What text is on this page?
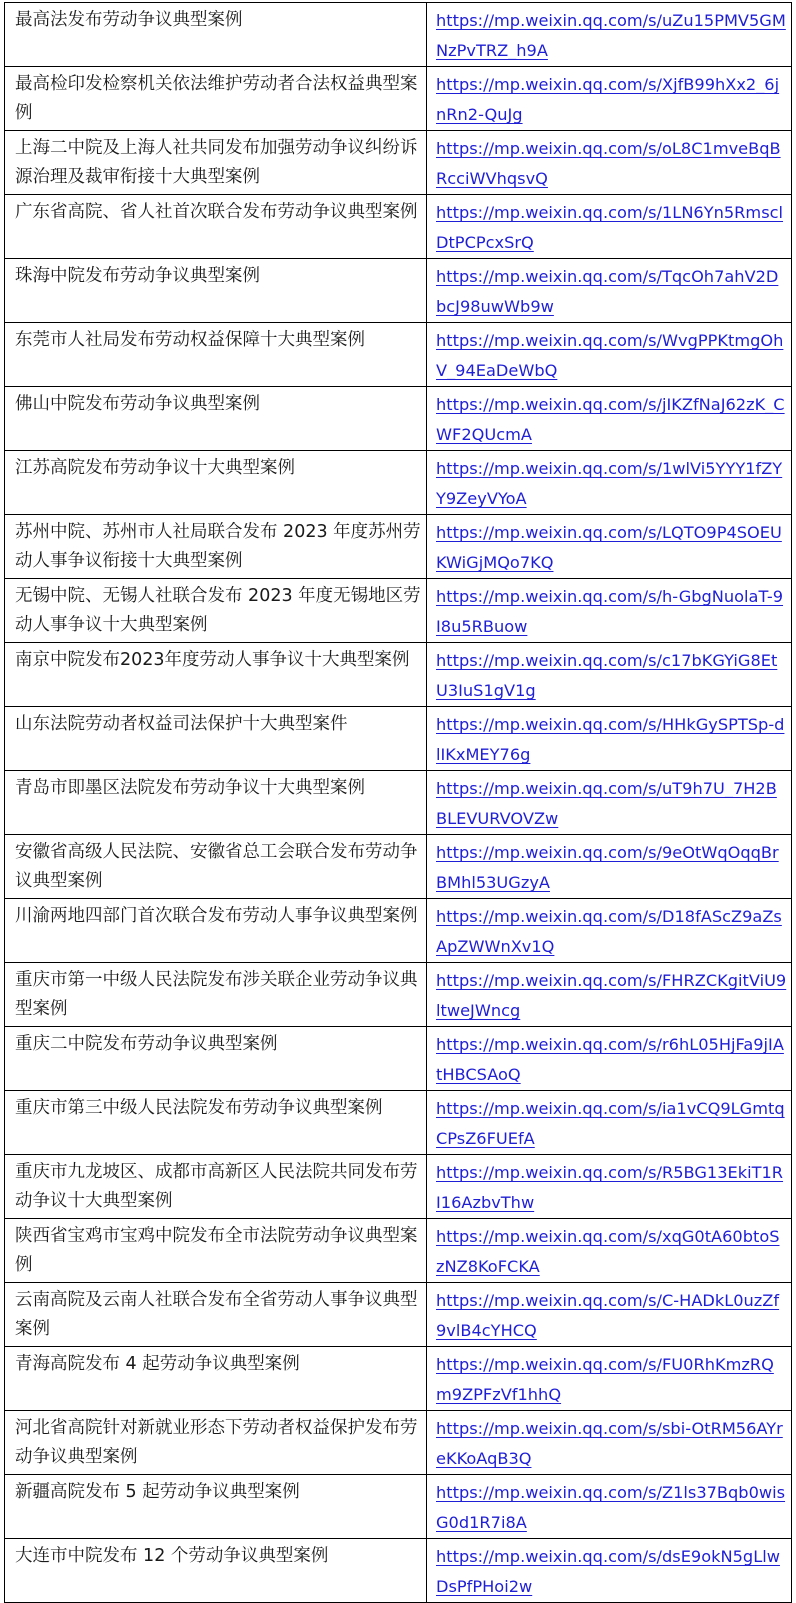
最高法发布劳动争议典型案例	https://mp.weixin.qq.com/s/uZu15PMV5GMNzPvTRZ_h9A
最高检印发检察机关依法维护劳动者合法权益典型案例	https://mp.weixin.qq.com/s/XjfB99hXx2_6jnRn2-QuJg
上海二中院及上海人社共同发布加强劳动争议纠纷诉源治理及裁审衔接十大典型案例	https://mp.weixin.qq.com/s/oL8C1mveBqBRcciWVhqsvQ
广东省高院、省人社首次联合发布劳动争议典型案例	https://mp.weixin.qq.com/s/1LN6Yn5RmsclDtPCPcxSrQ
珠海中院发布劳动争议典型案例	https://mp.weixin.qq.com/s/TqcOh7ahV2DbcJ98uwWb9w
东莞市人社局发布劳动权益保障十大典型案例	https://mp.weixin.qq.com/s/WvgPPKtmgOhV_94EaDeWbQ
佛山中院发布劳动争议典型案例	https://mp.weixin.qq.com/s/jIKZfNaJ62zK_CWF2QUcmA
江苏高院发布劳动争议十大典型案例	https://mp.weixin.qq.com/s/1wlVi5YYY1fZYY9ZeyVYoA
苏州中院、苏州市人社局联合发布 2023 年度苏州劳动人事争议衔接十大典型案例	https://mp.weixin.qq.com/s/LQTO9P4SOEUKWiGjMQo7KQ
无锡中院、无锡人社联合发布 2023 年度无锡地区劳动人事争议十大典型案例	https://mp.weixin.qq.com/s/h-GbgNuolaT-9I8u5RBuow
南京中院发布2023年度劳动人事争议十大典型案例	https://mp.weixin.qq.com/s/c17bKGYiG8EtU3IuS1gV1g
山东法院劳动者权益司法保护十大典型案件	https://mp.weixin.qq.com/s/HHkGySPTSp-dlIKxMEY76g
青岛市即墨区法院发布劳动争议十大典型案例	https://mp.weixin.qq.com/s/uT9h7U_7H2BBLEVURVOVZw
安徽省高级人民法院、安徽省总工会联合发布劳动争议典型案例	https://mp.weixin.qq.com/s/9eOtWqOqqBrBMhl53UGzyA
川渝两地四部门首次联合发布劳动人事争议典型案例	https://mp.weixin.qq.com/s/D18fAScZ9aZsApZWWnXv1Q
重庆市第一中级人民法院发布涉关联企业劳动争议典型案例	https://mp.weixin.qq.com/s/FHRZCKgitViU9ltweJWncg
重庆二中院发布劳动争议典型案例	https://mp.weixin.qq.com/s/r6hL05HjFa9jIAtHBCSAoQ
重庆市第三中级人民法院发布劳动争议典型案例	https://mp.weixin.qq.com/s/ia1vCQ9LGmtqCPsZ6FUEfA
重庆市九龙坡区、成都市高新区人民法院共同发布劳动争议十大典型案例	https://mp.weixin.qq.com/s/R5BG13EkiT1RI16AzbvThw
陕西省宝鸡市宝鸡中院发布全市法院劳动争议典型案例	https://mp.weixin.qq.com/s/xqG0tA60btoSzNZ8KoFCKA
云南高院及云南人社联合发布全省劳动人事争议典型案例	https://mp.weixin.qq.com/s/C-HADkL0uzZf9vlB4cYHCQ
青海高院发布 4 起劳动争议典型案例	https://mp.weixin.qq.com/s/FU0RhKmzRQm9ZPFzVf1hhQ
河北省高院针对新就业形态下劳动者权益保护发布劳动争议典型案例	https://mp.weixin.qq.com/s/sbi-OtRM56AYreKKoAqB3Q
新疆高院发布 5 起劳动争议典型案例	https://mp.weixin.qq.com/s/Z1ls37Bqb0wisG0d1R7i8A
大连市中院发布 12 个劳动争议典型案例	https://mp.weixin.qq.com/s/dsE9okN5gLlwDsPfPHoi2w
